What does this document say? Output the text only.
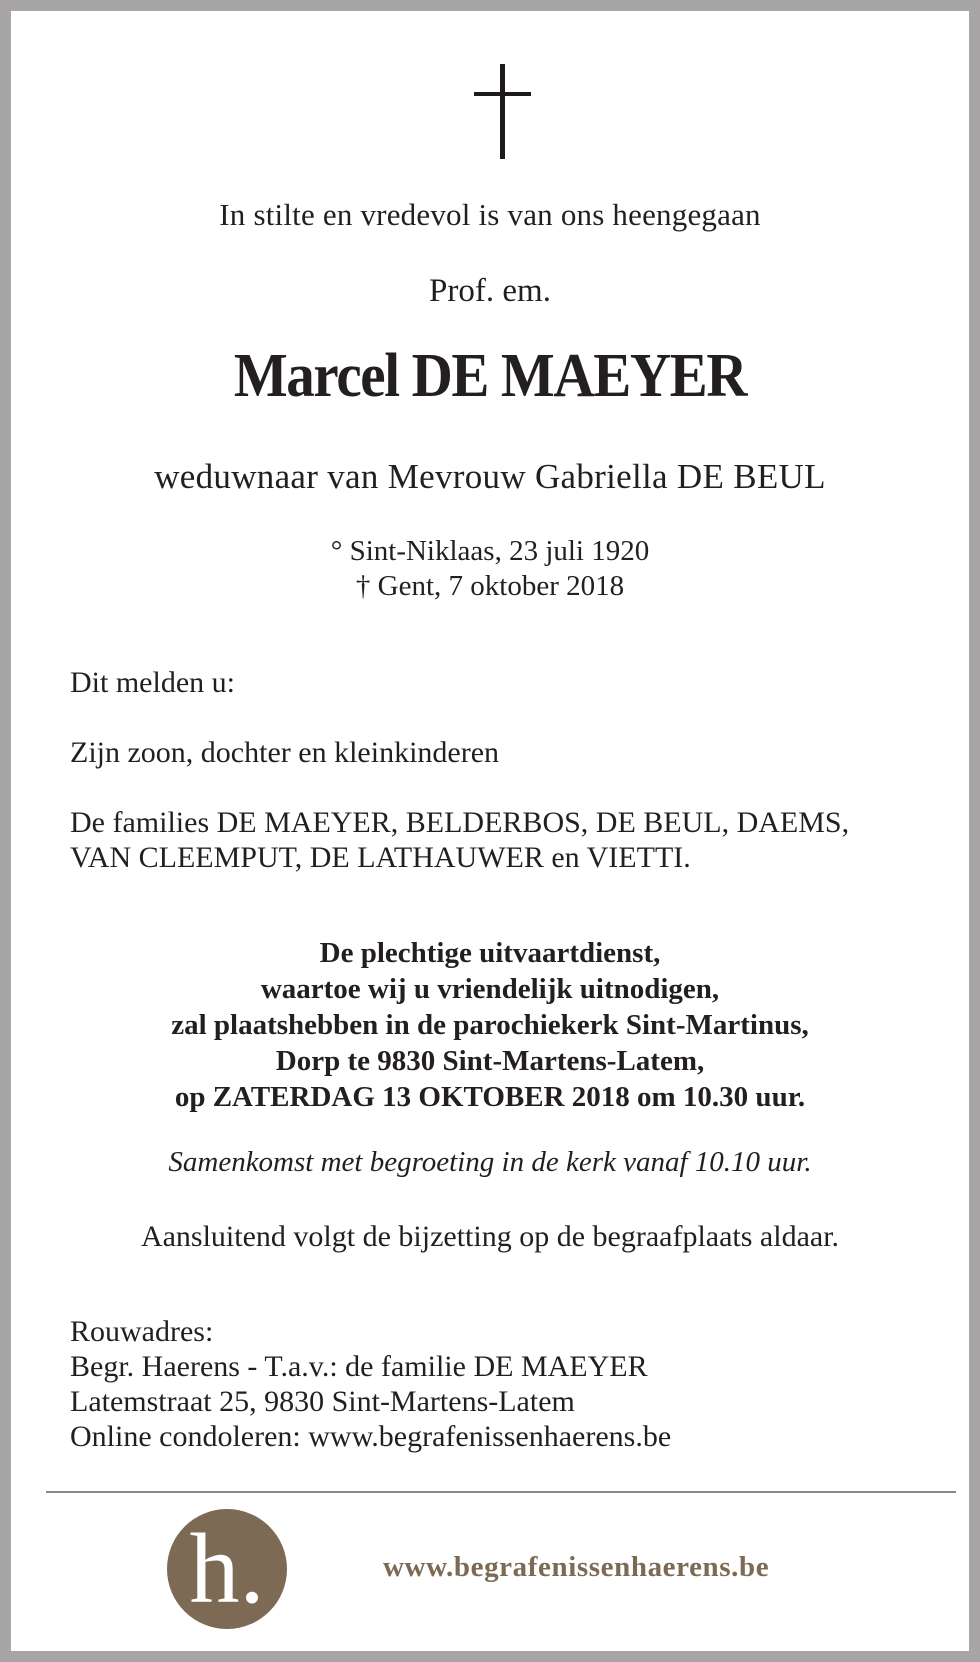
In stilte en vredevol is van ons heengegaan
Prof. em.
Marcel DE MAEYER
weduwnaar van Mevrouw Gabriella DE BEUL
° Sint-Niklaas, 23 juli 1920
† Gent, 7 oktober 2018
Dit melden u:
Zijn zoon, dochter en kleinkinderen
De families DE MAEYER, BELDERBOS, DE BEUL, DAEMS,
VAN CLEEMPUT, DE LATHAUWER en VIETTI.
De plechtige uitvaartdienst,
waartoe wij u vriendelijk uitnodigen,
zal plaatshebben in de parochiekerk Sint-Martinus,
Dorp te 9830 Sint-Martens-Latem,
op ZATERDAG 13 OKTOBER 2018 om 10.30 uur.
Samenkomst met begroeting in de kerk vanaf 10.10 uur.
Aansluitend volgt de bijzetting op de begraafplaats aldaar.
Rouwadres:
Begr. Haerens - T.a.v.: de familie DE MAEYER
Latemstraat 25, 9830 Sint-Martens-Latem
Online condoleren: www.begrafenissenhaerens.be
h.	www.begrafenissenhaerens.be
